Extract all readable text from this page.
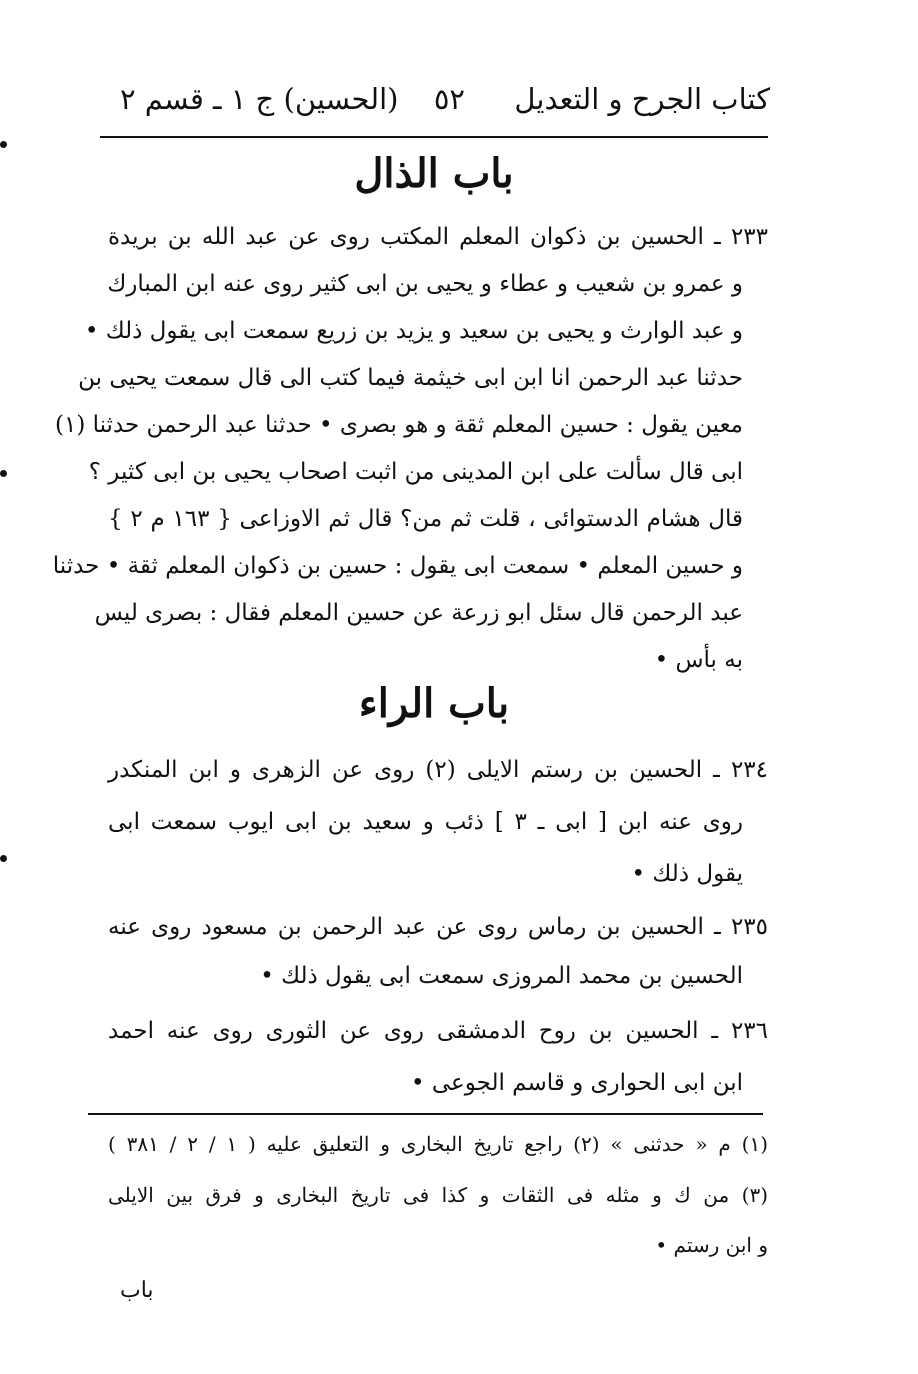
كتاب الجرح و التعديل
٥٢
(الحسين) ج ١ ـ قسم ٢
باب الذال
٢٣٣ ـ الحسين بن ذكوان المعلم المكتب روى عن عبد الله بن بريدة
و عمرو بن شعيب و عطاء و يحيى بن ابى كثير روى عنه ابن المبارك
و عبد الوارث و يحيى بن سعيد و يزيد بن زريع سمعت ابى يقول ذلك •
حدثنا عبد الرحمن انا ابن ابى خيثمة فيما كتب الى قال سمعت يحيى بن
معين يقول : حسين المعلم ثقة و هو بصرى • حدثنا عبد الرحمن حدثنا (١)
ابى قال سألت على ابن المدينى من اثبت اصحاب يحيى بن ابى كثير ؟
قال هشام الدستوائى ، قلت ثم من؟ قال ثم الاوزاعى { ١٦٣ م ٢ }
و حسين المعلم • سمعت ابى يقول : حسين بن ذكوان المعلم ثقة • حدثنا
عبد الرحمن قال سئل ابو زرعة عن حسين المعلم فقال : بصرى ليس
به بأس •
باب الراء
٢٣٤ ـ الحسين بن رستم الايلى (٢) روى عن الزهرى و ابن المنكدر
روى عنه ابن [ ابى ـ ٣ ] ذئب و سعيد بن ابى ايوب سمعت ابى
يقول ذلك •
٢٣٥ ـ الحسين بن رماس روى عن عبد الرحمن بن مسعود روى عنه
الحسين بن محمد المروزى سمعت ابى يقول ذلك •
٢٣٦ ـ الحسين بن روح الدمشقى روى عن الثورى روى عنه احمد
ابن ابى الحوارى و قاسم الجوعى •
(١) م « حدثنى » (٢) راجع تاريخ البخارى و التعليق عليه ( ١ / ٢ / ٣٨١ )
(٣) من ك و مثله فى الثقات و كذا فى تاريخ البخارى و فرق بين الايلى
و ابن رستم •
باب
